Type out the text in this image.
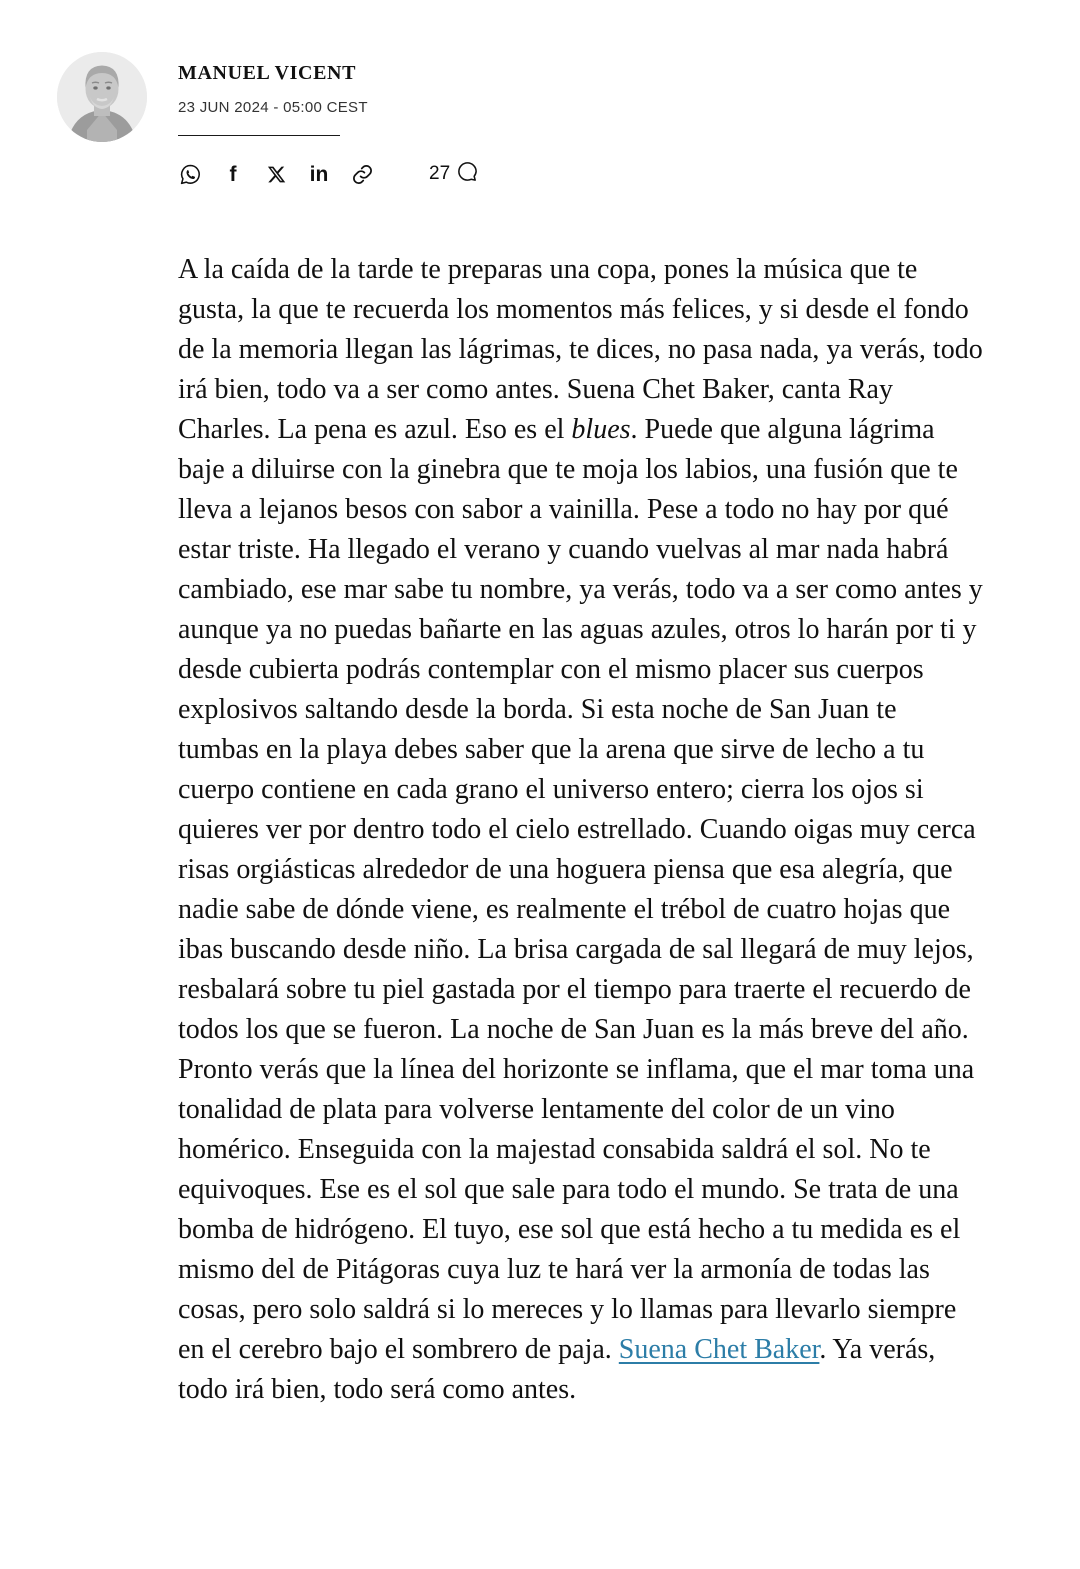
MANUEL VICENT
23 JUN 2024 - 05:00 CEST
f	in	27

A la caída de la tarde te preparas una copa, pones la música que te gusta, la que te recuerda los momentos más felices, y si desde el fondo de la memoria llegan las lágrimas, te dices, no pasa nada, ya verás, todo irá bien, todo va a ser como antes. Suena Chet Baker, canta Ray Charles. La pena es azul. Eso es el blues. Puede que alguna lágrima baje a diluirse con la ginebra que te moja los labios, una fusión que te lleva a lejanos besos con sabor a vainilla. Pese a todo no hay por qué estar triste. Ha llegado el verano y cuando vuelvas al mar nada habrá cambiado, ese mar sabe tu nombre, ya verás, todo va a ser como antes y aunque ya no puedas bañarte en las aguas azules, otros lo harán por ti y desde cubierta podrás contemplar con el mismo placer sus cuerpos explosivos saltando desde la borda. Si esta noche de San Juan te tumbas en la playa debes saber que la arena que sirve de lecho a tu cuerpo contiene en cada grano el universo entero; cierra los ojos si quieres ver por dentro todo el cielo estrellado. Cuando oigas muy cerca risas orgiásticas alrededor de una hoguera piensa que esa alegría, que nadie sabe de dónde viene, es realmente el trébol de cuatro hojas que ibas buscando desde niño. La brisa cargada de sal llegará de muy lejos, resbalará sobre tu piel gastada por el tiempo para traerte el recuerdo de todos los que se fueron. La noche de San Juan es la más breve del año. Pronto verás que la línea del horizonte se inflama, que el mar toma una tonalidad de plata para volverse lentamente del color de un vino homérico. Enseguida con la majestad consabida saldrá el sol. No te equivoques. Ese es el sol que sale para todo el mundo. Se trata de una bomba de hidrógeno. El tuyo, ese sol que está hecho a tu medida es el mismo del de Pitágoras cuya luz te hará ver la armonía de todas las cosas, pero solo saldrá si lo mereces y lo llamas para llevarlo siempre en el cerebro bajo el sombrero de paja. Suena Chet Baker. Ya verás, todo irá bien, todo será como antes.
